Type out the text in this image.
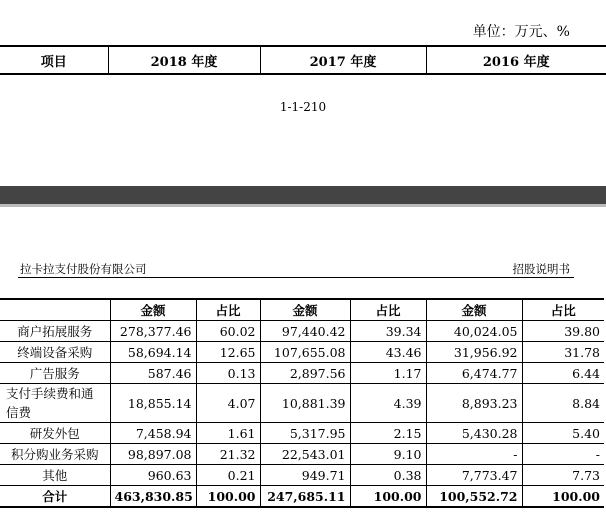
单位：万元、%
项目	2018 年度	2017 年度	2016 年度
1-1-210
拉卡拉支付股份有限公司	招股说明书
	金额	占比	金额	占比	金额	占比
商户拓展服务	278,377.46	60.02	97,440.42	39.34	40,024.05	39.80
终端设备采购	58,694.14	12.65	107,655.08	43.46	31,956.92	31.78
广告服务	587.46	0.13	2,897.56	1.17	6,474.77	6.44
支付手续费和通信费	18,855.14	4.07	10,881.39	4.39	8,893.23	8.84
研发外包	7,458.94	1.61	5,317.95	2.15	5,430.28	5.40
积分购业务采购	98,897.08	21.32	22,543.01	9.10	-	-
其他	960.63	0.21	949.71	0.38	7,773.47	7.73
合计	463,830.85	100.00	247,685.11	100.00	100,552.72	100.00
